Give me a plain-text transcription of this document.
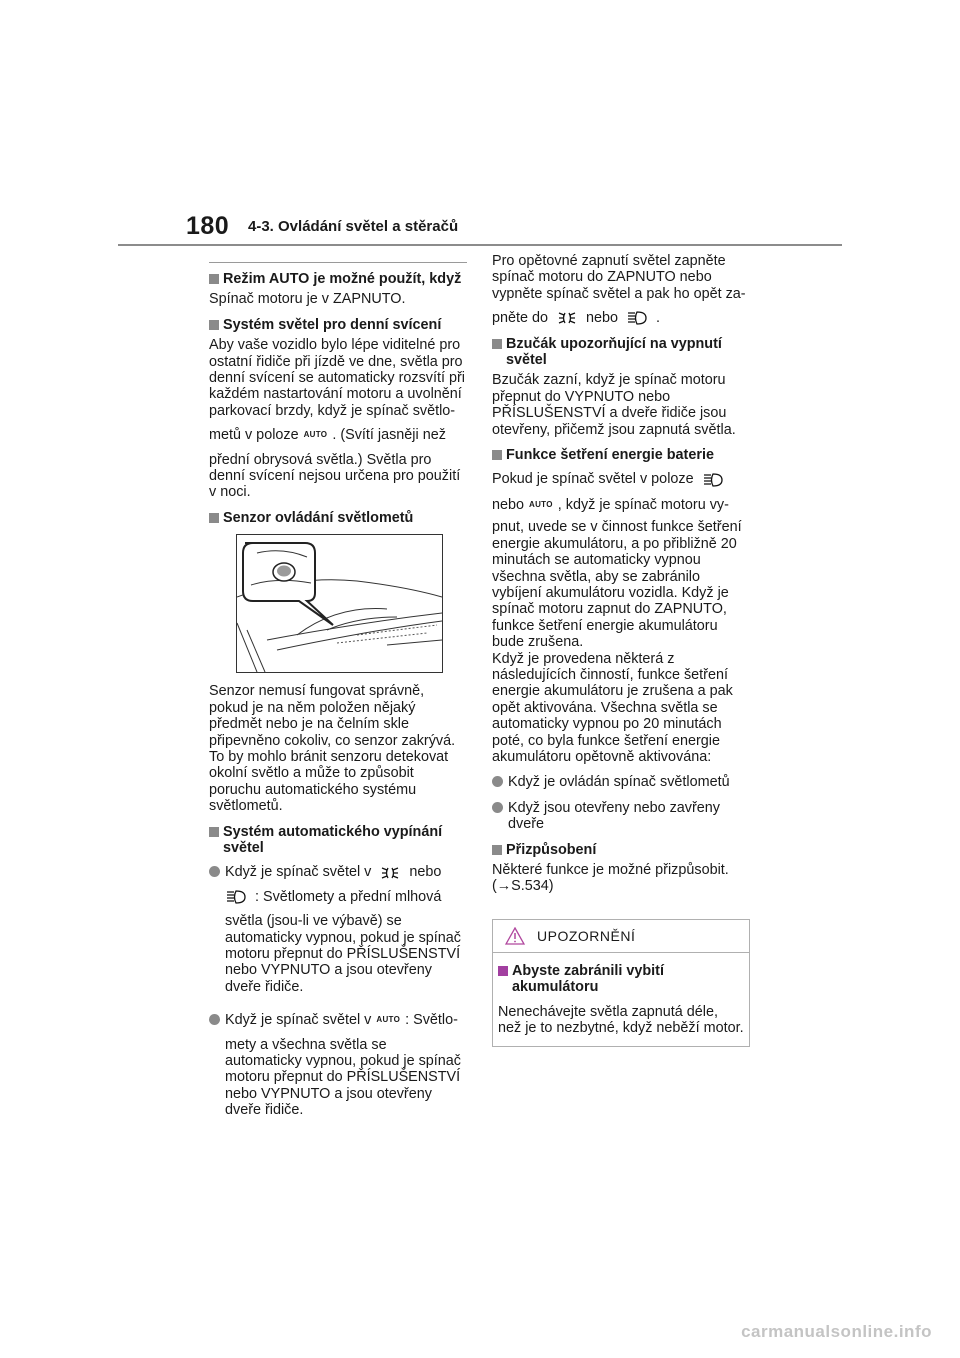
180 4-3. Ovládání světel a stěračů
Režim AUTO je možné použít, když

Spínač motoru je v ZAPNUTO.

Systém světel pro denní svícení

Aby vaše vozidlo bylo lépe viditelné pro ostatní řidiče při jízdě ve dne, světla pro denní svícení se automaticky rozsvítí při každém nastartování motoru a uvolnění parkovací brzdy, když je spínač světlo-

metů v poloze AUTO . (Svítí jasněji než

přední obrysová světla.) Světla pro denní svícení nejsou určena pro použití v noci.

Senzor ovládání světlometů

Senzor nemusí fungovat správně, pokud je na něm položen nějaký předmět nebo je na čelním skle připevněno cokoliv, co senzor zakrývá.

To by mohlo bránit senzoru detekovat okolní světlo a může to způsobit poruchu automatického systému světlometů.

Systém automatického vypínání světel

Když je spínač světel v	nebo

: Světlomety a přední mlhová

světla (jsou-li ve výbavě) se automaticky vypnou, pokud je spínač motoru přepnut do PŘÍSLUŠENSTVÍ nebo VYPNUTO a jsou otevřeny dveře řidiče.

Když je spínač světel v AUTO : Světlo-

mety a všechna světla se automaticky vypnou, pokud je spínač motoru přepnut do PŘÍSLUŠENSTVÍ nebo VYPNUTO a jsou otevřeny dveře řidiče.

Pro opětovné zapnutí světel zapněte spínač motoru do ZAPNUTO nebo vypněte spínač světel a pak ho opět za-

pněte do	nebo	.

Bzučák upozorňující na vypnutí světel

Bzučák zazní, když je spínač motoru přepnut do VYPNUTO nebo PŘÍSLUŠENSTVÍ a dveře řidiče jsou otevřeny, přičemž jsou zapnutá světla.

Funkce šetření energie baterie

Pokud je spínač světel v poloze

nebo AUTO , když je spínač motoru vy-

pnut, uvede se v činnost funkce šetření energie akumulátoru, a po přibližně 20 minutách se automaticky vypnou všechna světla, aby se zabránilo vybíjení akumulátoru vozidla. Když je spínač motoru zapnut do ZAPNUTO, funkce šetření energie akumulátoru bude zrušena.

Když je provedena některá z následujících činností, funkce šetření energie akumulátoru je zrušena a pak opět aktivována. Všechna světla se automaticky vypnou po 20 minutách poté, co byla funkce šetření energie akumulátoru opětovně aktivována:

Když je ovládán spínač světlometů
Když jsou otevřeny nebo zavřeny dveře
Přizpůsobení

Některé funkce je možné přizpůsobit.
(→S.534)

UPOZORNĚNÍ
Abyste zabránili vybití akumulátoru

Nenechávejte světla zapnutá déle, než je to nezbytné, když neběží motor.

carmanualsonline.info
